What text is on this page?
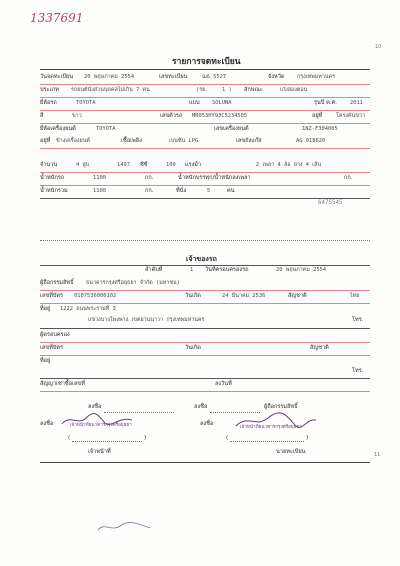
1337691
10
รายการจดทะเบียน
วันจดทะเบียน 20 พฤษภาคม 2554	เลขทะเบียน	ฌธ 5527	จังหวัด กรุงเทพมหานคร
ประเภท รถยนต์นั่งส่วนบุคคลไม่เกิน 7 คน	(รย. 1 ) ลักษณะ	เก๋งสองตอน
ยี่ห้อรถ	TOYOTA	แบบ SOLUNA	รุ่นปี ค.ศ. 2011
สี	ขาว	เลขตัวรถ MR053HY93C5234505	อยู่ที่	โครงคันขวา
ยี่ห้อเครื่องยนต์	TOYOTA	เลขเครื่องยนต์	1NZ-F304005
อยู่ที่ ข้างเครื่องยนต์	เชื้อเพลิง	เบนซิน LPG	เลขถังแก๊ส	AG.018620
จำนวน	4 สูบ	1497 ซีซี	109 แรงม้า	2 เพลา 4 ล้อ ยาง 4 เส้น
น้ำหนักรถ	1100	กก.	น้ำหนักบรรทุก/น้ำหนักลงเพลา	กก.
น้ำหนักรวม	1100	กก.	ที่นั่ง	5	คน
6475545
เจ้าของรถ
ลำดับที่	1 วันที่ครอบครองรถ	20 พฤษภาคม 2554
ผู้ถือกรรมสิทธิ์ ธนาคารกรุงศรีอยุธยา จำกัด (มหาชน)
เลขที่บัตร 0107536000102	วันเกิด	24 มีนาคม 2536	สัญชาติ	ไทย
ที่อยู่ 1222 ถนนพระรามที่ 3
แขวงบางโพงพาง เขตยานนาวา กรุงเทพมหานคร	โทร.
ผู้ครอบครอง
เลขที่บัตร	วันเกิด	สัญชาติ
ที่อยู่
โทร.
สัญญาเช่าซื้อเลขที่	ลงวันที่
ลงชื่อ	ลงชื่อ	ผู้ถือกรรมสิทธิ์
ลงชื่อ	เจ้าหน้าที่ธนาคารกรุงศรีอยุธยา	ลงชื่อ
เจ้าหน้าที่ธนาคารกรุงศรีอยุธยา
(	)	(	)
เจ้าหน้าที่	นายทะเบียน	11
